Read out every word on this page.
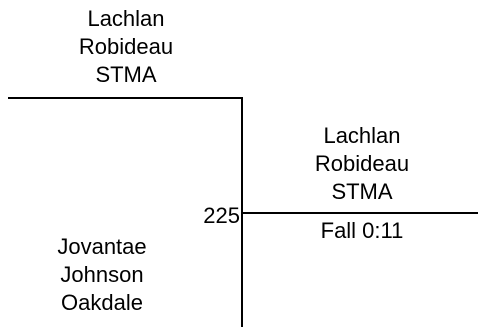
Lachlan
Robideau
STMA
225
Lachlan
Robideau
STMA
Fall 0:11
Jovantae
Johnson
Oakdale
